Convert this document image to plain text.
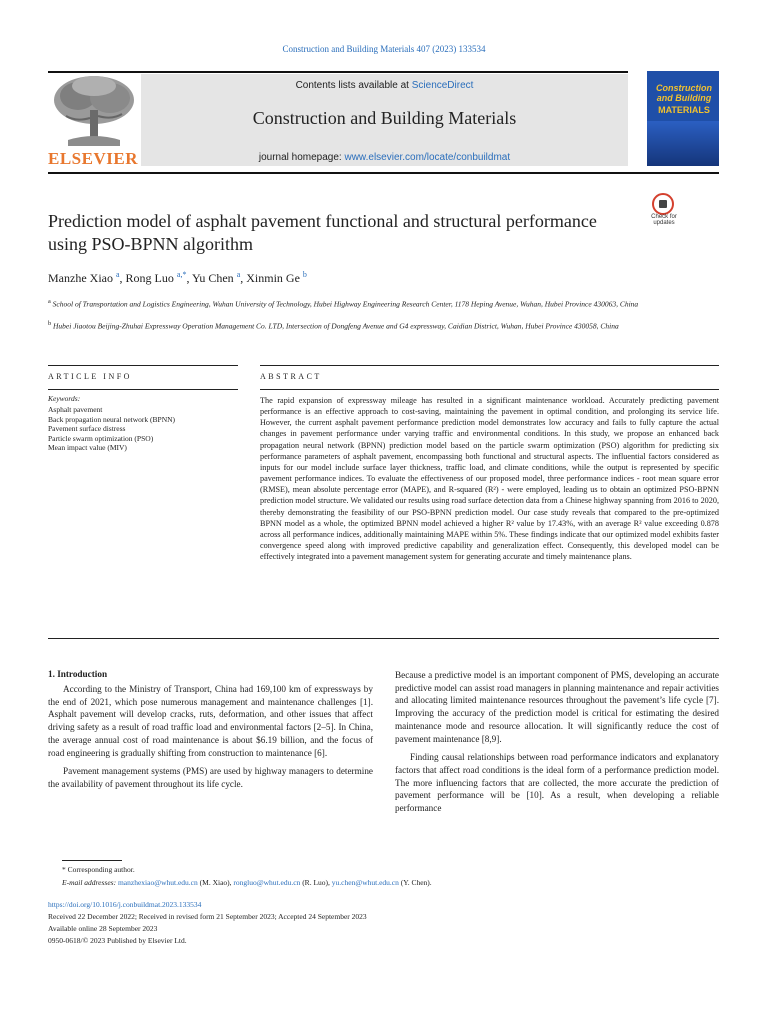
Construction and Building Materials 407 (2023) 133534
ELSEVIER
Contents lists available at ScienceDirect
Construction and Building Materials
journal homepage: www.elsevier.com/locate/conbuildmat
Construction and Building
MATERIALS
Prediction model of asphalt pavement functional and structural performance using PSO-BPNN algorithm
Check for updates
Manzhe Xiao $^a$, Rong Luo $^{a,*}$, Yu Chen $^a$, Xinmin Ge $^b$
$^a$ School of Transportation and Logistics Engineering, Wuhan University of Technology, Hubei Highway Engineering Research Center, 1178 Heping Avenue, Wuhan, Hubei Province 430063, China
$^b$ Hubei Jiaotou Beijing-Zhuhai Expressway Operation Management Co. LTD, Intersection of Dongfeng Avenue and G4 expressway, Caidian District, Wuhan, Hubei Province 430058, China
ARTICLE INFO	ABSTRACT
Keywords:
Asphalt pavement
Back propagation neural network (BPNN)
Pavement surface distress
Particle swarm optimization (PSO)
Mean impact value (MIV)
The rapid expansion of expressway mileage has resulted in a significant maintenance workload. Accurately predicting pavement performance is an effective approach to cost-saving, maintaining the pavement in optimal condition, and prolonging its service life. However, the current asphalt pavement performance prediction model demonstrates low accuracy and fails to fully capture the actual changes in pavement performance under varying traffic and environmental conditions. In this study, we propose an enhanced back propagation neural network (BPNN) prediction model based on the particle swarm optimization (PSO) algorithm for predicting six performance parameters of asphalt pavement, encompassing both functional and structural aspects. The influential factors considered as inputs for our model include surface layer thickness, traffic load, and climate conditions, while the output is represented by specific pavement performance indices. To evaluate the effectiveness of our proposed model, three performance indices - root mean square error (RMSE), mean absolute percentage error (MAPE), and R-squared (R²) - were employed, leading us to obtain an optimized PSO-BPNN prediction model structure. We validated our results using road surface detection data from a Chinese highway spanning from 2016 to 2020, thereby demonstrating the feasibility of our PSO-BPNN prediction model. Our case study reveals that compared to the pre-optimized BPNN model as a whole, the optimized BPNN model achieved a higher R² value by 17.43%, with an average R² value exceeding 0.878 across all performance indices, additionally maintaining MAPE within 5%. These findings indicate that our optimized model exhibits faster convergence speed along with improved predictive capability and generalization effect. Consequently, this developed model can be effectively integrated into a pavement management system for generating accurate and timely maintenance plans.
1. Introduction

According to the Ministry of Transport, China had 169,100 km of expressways by the end of 2021, which pose numerous management and maintenance challenges [1]. Asphalt pavement will develop cracks, ruts, deformation, and other issues that affect driving safety as a result of road traffic load and environmental factors [2–5]. In China, the average annual cost of road maintenance is about $6.19 billion, and the focus of road engineering is gradually shifting from construction to maintenance [6].

Pavement management systems (PMS) are used by highway managers to determine the availability of pavement throughout its life cycle.

Because a predictive model is an important component of PMS, developing an accurate predictive model can assist road managers in planning maintenance and repair activities and allocating limited maintenance resources throughout the pavement’s life cycle [7]. Improving the accuracy of the prediction model is critical for estimating the desired maintenance mode and resource allocation. It will significantly reduce the cost of pavement maintenance [8,9].

Finding causal relationships between road performance indicators and explanatory factors that affect road conditions is the ideal form of a performance prediction model. The more influencing factors that are collected, the more accurate the prediction of pavement performance will be [10]. As a result, when developing a reliable performance

* Corresponding author.
E-mail addresses: manzhexiao@whut.edu.cn (M. Xiao), rongluo@whut.edu.cn (R. Luo), yu.chen@whut.edu.cn (Y. Chen).
https://doi.org/10.1016/j.conbuildmat.2023.133534
Received 22 December 2022; Received in revised form 21 September 2023; Accepted 24 September 2023
Available online 28 September 2023
0950-0618/© 2023 Published by Elsevier Ltd.
